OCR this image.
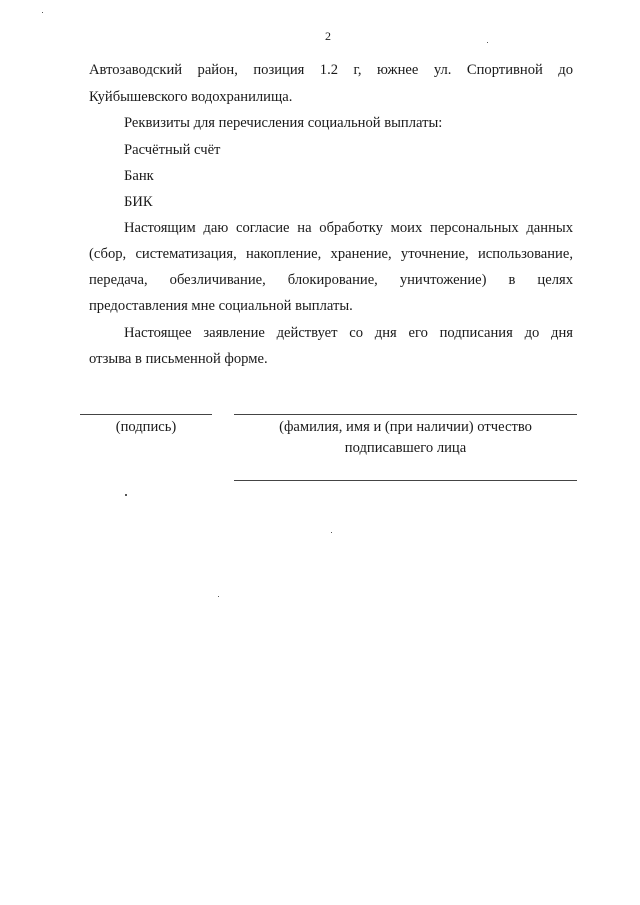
2

Автозаводский район, позиция 1.2 г, южнее ул. Спортивной до

Куйбышевского водохранилища.

Реквизиты для перечисления социальной выплаты:

Расчётный счёт

Банк

БИК

Настоящим даю согласие на обработку моих персональных данных

(сбор, систематизация, накопление, хранение, уточнение, использование,

передача, обезличивание, блокирование, уничтожение) в целях

предоставления мне социальной выплаты.

Настоящее заявление действует со дня его подписания до дня

отзыва в письменной форме.

(подпись)	(фамилия, имя и (при наличии) отчество
подписавшего лица
